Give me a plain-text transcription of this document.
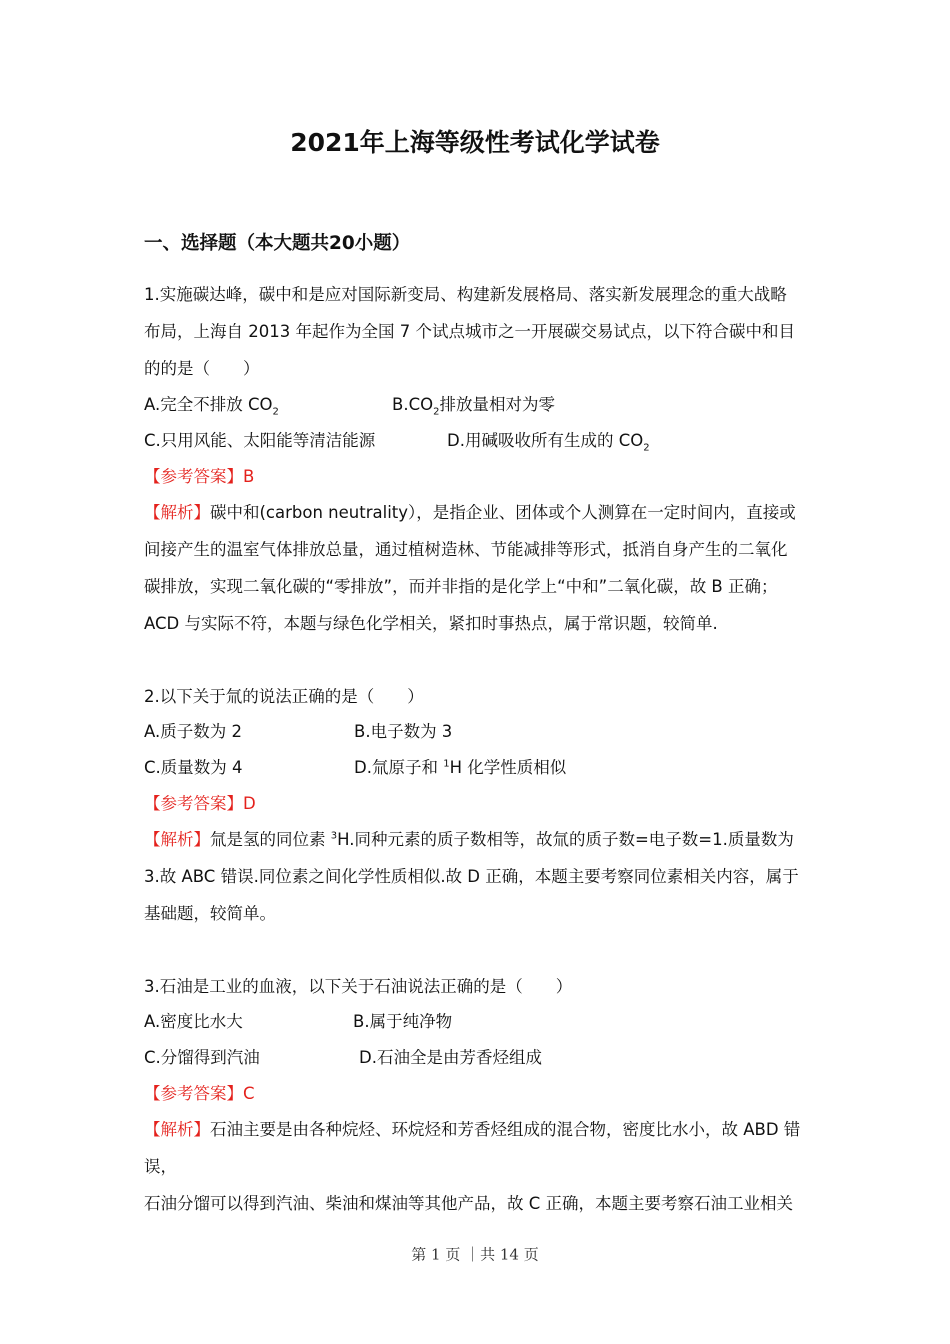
2021年上海等级性考试化学试卷
一、选择题（本大题共20小题）
1.实施碳达峰，碳中和是应对国际新变局、构建新发展格局、落实新发展理念的重大战略
布局，上海自 2013 年起作为全国 7 个试点城市之一开展碳交易试点，以下符合碳中和目
的的是（　　）
A.完全不排放 $CO_2$	$B.CO_2$排放量相对为零
C.只用风能、太阳能等清洁能源	D.用碱吸收所有生成的 $CO_2$
【参考答案】B
【解析】碳中和(carbon neutrality），是指企业、团体或个人测算在一定时间内，直接或
间接产生的温室气体排放总量，通过植树造林、节能减排等形式，抵消自身产生的二氧化
碳排放，实现二氧化碳的“零排放”，而并非指的是化学上“中和”二氧化碳，故 B 正确；
ACD 与实际不符，本题与绿色化学相关，紧扣时事热点，属于常识题，较简单.
2.以下关于氚的说法正确的是（　　）
A.质子数为 2	B.电子数为 3
C.质量数为 4	D.氚原子和 $^1$H 化学性质相似
【参考答案】D
【解析】氚是氢的同位素 $^3$H.同种元素的质子数相等，故氚的质子数=电子数=1.质量数为
3.故 ABC 错误.同位素之间化学性质相似.故 D 正确，本题主要考察同位素相关内容，属于
基础题，较简单。
3.石油是工业的血液，以下关于石油说法正确的是（　　）
A.密度比水大	B.属于纯净物
C.分馏得到汽油	D.石油全是由芳香烃组成
【参考答案】C
【解析】石油主要是由各种烷烃、环烷烃和芳香烃组成的混合物，密度比水小，故 ABD 错
误，
石油分馏可以得到汽油、柴油和煤油等其他产品，故 C 正确，本题主要考察石油工业相关
第 1 页 ｜共 14 页
